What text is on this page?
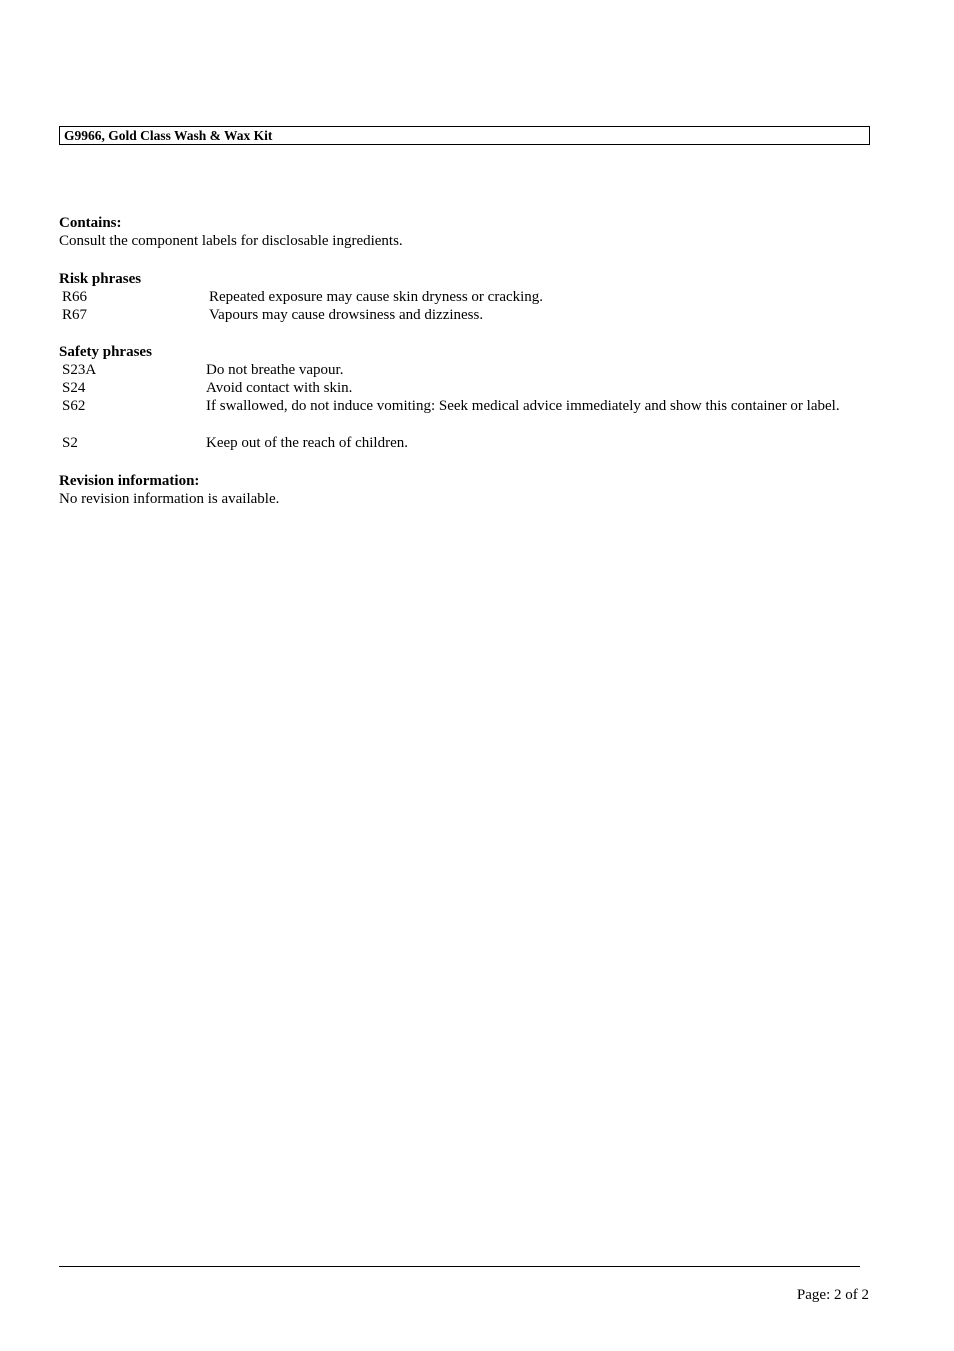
G9966, Gold Class Wash & Wax Kit
Contains:
Consult the component labels for disclosable ingredients.
Risk phrases
R66	Repeated exposure may cause skin dryness or cracking.
R67	Vapours may cause drowsiness and dizziness.
Safety phrases
S23A	Do not breathe vapour.
S24	Avoid contact with skin.
S62	If swallowed, do not induce vomiting: Seek medical advice immediately and show this container or label.
S2	Keep out of the reach of children.
Revision information:
No revision information is available.
Page: 2 of 2
